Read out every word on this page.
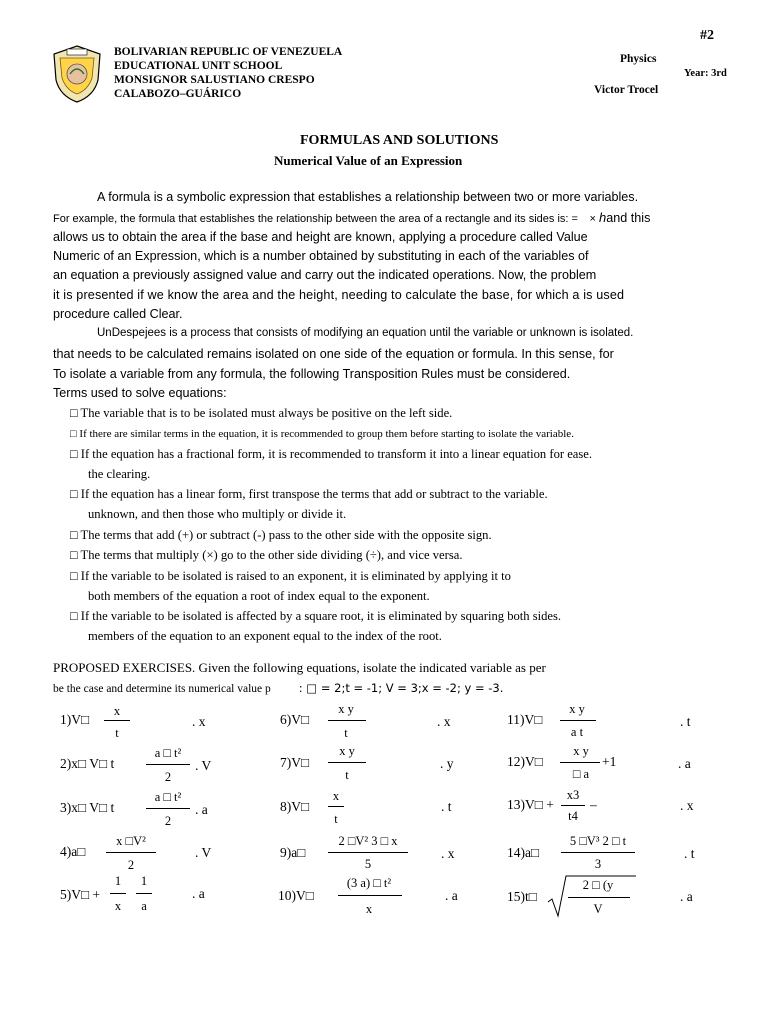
BOLIVARIAN REPUBLIC OF VENEZUELA
EDUCATIONAL UNIT SCHOOL
MONSIGNOR SALUSTIANO CRESPO
CALABOZO–GUÁRICO
#2
Physics
Year: 3rd
Victor Trocel
FORMULAS AND SOLUTIONS
Numerical Value of an Expression
A formula is a symbolic expression that establishes a relationship between two or more variables.
For example, the formula that establishes the relationship between the area of a rectangle and its sides is: =   × hand this
allows us to obtain the area if the base and height are known, applying a procedure called Value
Numeric of an Expression, which is a number obtained by substituting in each of the variables of
an equation a previously assigned value and carry out the indicated operations. Now, the problem
it is presented if we know the area and the height, needing to calculate the base, for which a is used
procedure called Clear.
UnDespejees is a process that consists of modifying an equation until the variable or unknown is isolated.
that needs to be calculated remains isolated on one side of the equation or formula. In this sense, for
To isolate a variable from any formula, the following Transposition Rules must be considered.
Terms used to solve equations:
□ The variable that is to be isolated must always be positive on the left side.
□ If there are similar terms in the equation, it is recommended to group them before starting to isolate the variable.
□ If the equation has a fractional form, it is recommended to transform it into a linear equation for ease.
the clearing.
□ If the equation has a linear form, first transpose the terms that add or subtract to the variable.
unknown, and then those who multiply or divide it.
□ The terms that add (+) or subtract (-) pass to the other side with the opposite sign.
□ The terms that multiply (×) go to the other side dividing (÷), and vice versa.
□ If the variable to be isolated is raised to an exponent, it is eliminated by applying it to
both members of the equation a root of index equal to the exponent.
□ If the variable to be isolated is affected by a square root, it is eliminated by squaring both sides.
members of the equation to an exponent equal to the index of the root.
PROPOSED EXERCISES. Given the following equations, isolate the indicated variable as per
be the case and determine its numerical value p : □ = 2;t = -1; V = 3;x = -2; y = -3.
1)V□
x
t
. x
2)x□ V□ t
a □ t²
2
. V
3)x□ V□ t
a □ t²
2
. a
4)a□
x □V²
2
. V
5)V□ +
1
x
1
a
. a
6)V□
x y
t
. x
7)V□
x y
t
. y
8)V□
x
t
. t
9)a□
2 □V² 3 □ x
5
. x
10)V□
(3 a) □ t²
x
. a
11)V□
x y
a t
. t
12)V□
x y
□ a
+1	. a
13)V□ +
x3
t4
–	. x
14)a□
5 □V³ 2 □ t
3
. t
15)t□
2 □ (y
V
. a
